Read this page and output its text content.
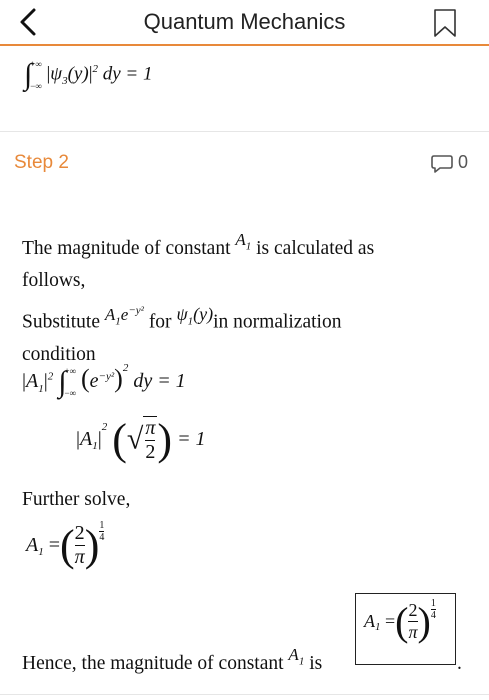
Quantum Mechanics
∫+∞

−∞ $|\psi_3(y)|^2$ dy = 1
Step 2	0
The magnitude of constant $A_1$ is calculated as
follows,
Substitute $A_1e^{-y^2}$ for $\psi_1(y)in$ normalization
condition
$|A_1|^2$ ∫+∞

−∞ $(e^{-y^2})^2$ dy = 1
$|A_1|^2$ (√ $\frac{\pi}{2}$ ) = 1
Further solve,
$A_1$ =( $\frac{2}{\pi}$ ) $\frac{1}{4}$
Hence, the magnitude of constant $A_1$ is
$A_1$ =( $\frac{2}{\pi}$ ) $\frac{1}{4}$
.
